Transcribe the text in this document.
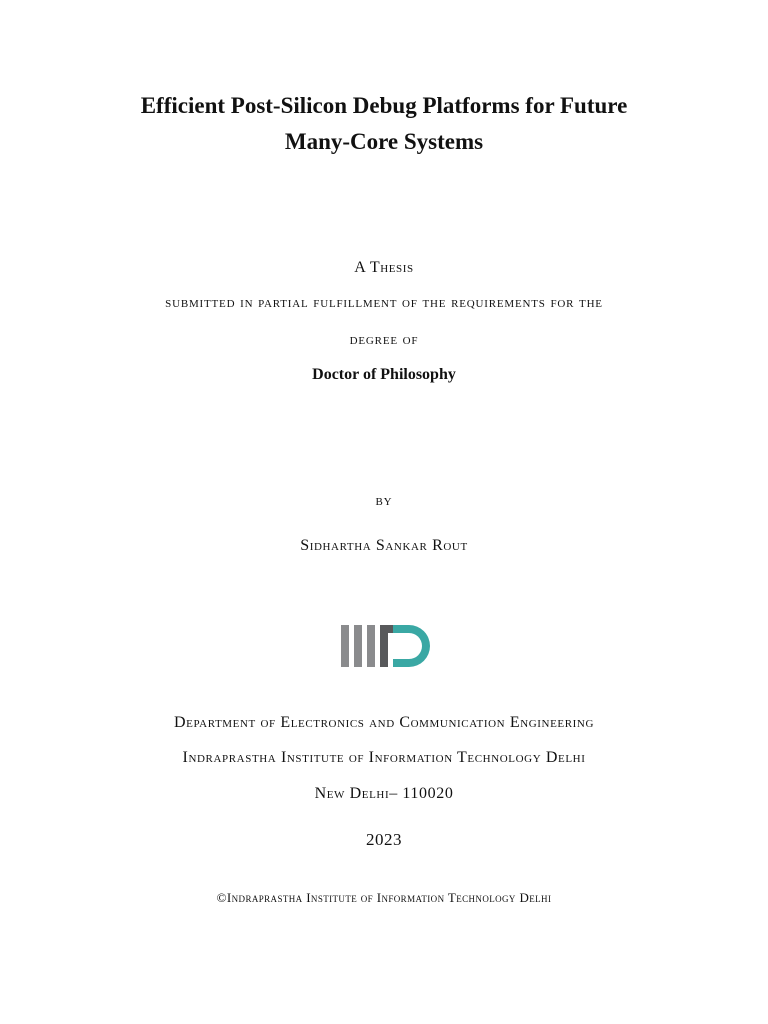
Efficient Post-Silicon Debug Platforms for Future
Many-Core Systems
A Thesis
submitted in partial fulfillment of the requirements for the
degree of
Doctor of Philosophy
by
Sidhartha Sankar Rout
Department of Electronics and Communication Engineering
Indraprastha Institute of Information Technology Delhi
New Delhi– 110020
2023
©Indraprastha Institute of Information Technology Delhi
